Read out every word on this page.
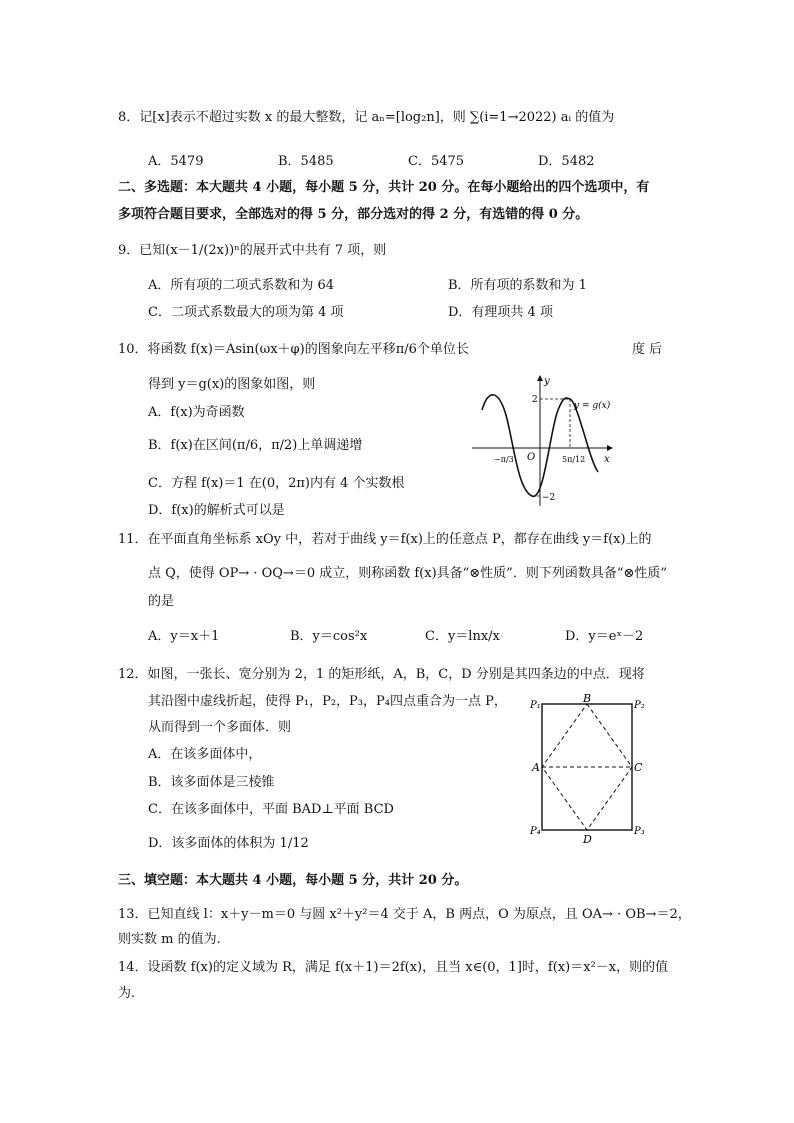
8．记[x]表示不超过实数 x 的最大整数，记 aₙ=[log₂n]，则 ∑(i=1→2022) aᵢ 的值为
A．5479	B．5485	C．5475	D．5482
二、多选题：本大题共 4 小题，每小题 5 分，共计 20 分。在每小题给出的四个选项中，有
多项符合题目要求，全部选对的得 5 分，部分选对的得 2 分，有选错的得 0 分。
9．已知(x－1/(2x))ⁿ的展开式中共有 7 项，则
A．所有项的二项式系数和为 64	B．所有项的系数和为 1
C．二项式系数最大的项为第 4 项	D．有理项共 4 项
10．将函数 f(x)＝Asin(ωx＋φ)的图象向左平移π/6个单位长	度 后
得到 y＝g(x)的图象如图，则
A．f(x)为奇函数
B．f(x)在区间(π/6，π/2)上单调递增
C．方程 f(x)＝1 在(0，2π)内有 4 个实数根
D．f(x)的解析式可以是
y
x
O
y = g(x)
2
−2
−π/3	5π/12
11．在平面直角坐标系 xOy 中，若对于曲线 y＝f(x)上的任意点 P，都存在曲线 y＝f(x)上的
点 Q，使得 OP→ · OQ→＝0 成立，则称函数 f(x)具备“⊗性质”．则下列函数具备“⊗性质”
的是
A．y＝x＋1	B．y＝cos²x	C．y＝lnx/x	D．y＝eˣ－2
12．如图，一张长、宽分别为 2，1 的矩形纸，A，B，C，D 分别是其四条边的中点．现将
其沿图中虚线折起，使得 P₁，P₂，P₃，P₄四点重合为一点 P，
从而得到一个多面体．则
A．在该多面体中，
B．该多面体是三棱锥
C．在该多面体中，平面 BAD⊥平面 BCD
D．该多面体的体积为 1/12
P₁	P₂
P₃
P₄
A
B
C
D
三、填空题：本大题共 4 小题，每小题 5 分，共计 20 分。
13．已知直线 l：x＋y－m＝0 与圆 x²＋y²＝4 交于 A，B 两点，O 为原点，且 OA→ · OB→＝2，
则实数 m 的值为.
14．设函数 f(x)的定义域为 R，满足 f(x＋1)＝2f(x)，且当 x∈(0，1]时，f(x)＝x²－x，则的值
为.
